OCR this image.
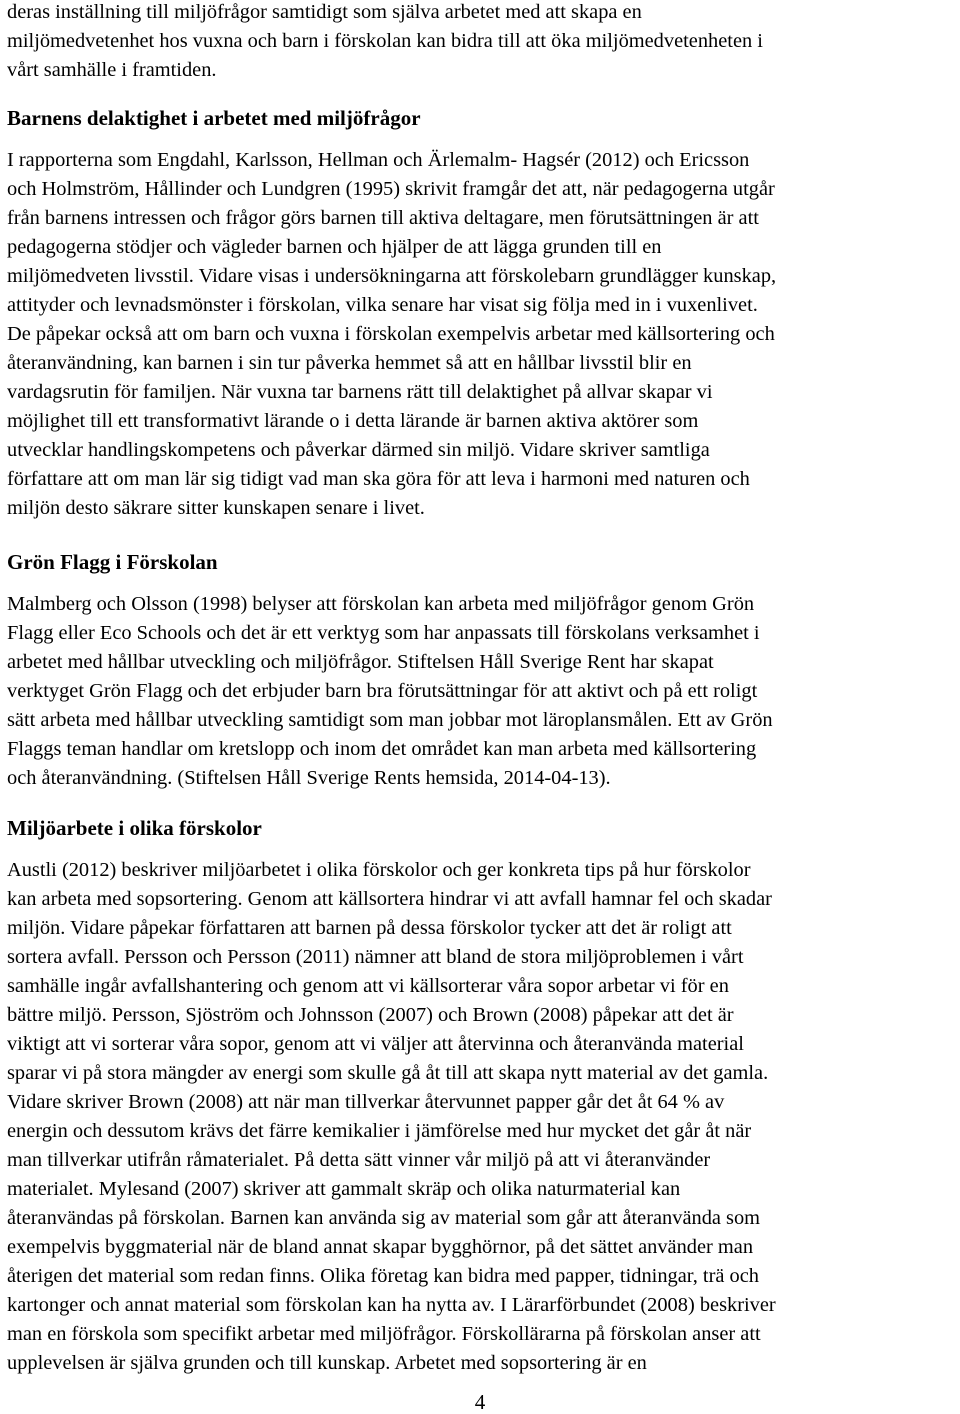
deras inställning till miljöfrågor samtidigt som själva arbetet med att skapa en
miljömedvetenhet hos vuxna och barn i förskolan kan bidra till att öka miljömedvetenheten i
vårt samhälle i framtiden.
Barnens delaktighet i arbetet med miljöfrågor
I rapporterna som Engdahl, Karlsson, Hellman och Ärlemalm- Hagsér (2012) och Ericsson
och Holmström, Hållinder och Lundgren (1995) skrivit framgår det att, när pedagogerna utgår
från barnens intressen och frågor görs barnen till aktiva deltagare, men förutsättningen är att
pedagogerna stödjer och vägleder barnen och hjälper de att lägga grunden till en
miljömedveten livsstil. Vidare visas i undersökningarna att förskolebarn grundlägger kunskap,
attityder och levnadsmönster i förskolan, vilka senare har visat sig följa med in i vuxenlivet.
De påpekar också att om barn och vuxna i förskolan exempelvis arbetar med källsortering och
återanvändning, kan barnen i sin tur påverka hemmet så att en hållbar livsstil blir en
vardagsrutin för familjen. När vuxna tar barnens rätt till delaktighet på allvar skapar vi
möjlighet till ett transformativt lärande o i detta lärande är barnen aktiva aktörer som
utvecklar handlingskompetens och påverkar därmed sin miljö. Vidare skriver samtliga
författare att om man lär sig tidigt vad man ska göra för att leva i harmoni med naturen och
miljön desto säkrare sitter kunskapen senare i livet.
Grön Flagg i Förskolan
Malmberg och Olsson (1998) belyser att förskolan kan arbeta med miljöfrågor genom Grön
Flagg eller Eco Schools och det är ett verktyg som har anpassats till förskolans verksamhet i
arbetet med hållbar utveckling och miljöfrågor. Stiftelsen Håll Sverige Rent har skapat
verktyget Grön Flagg och det erbjuder barn bra förutsättningar för att aktivt och på ett roligt
sätt arbeta med hållbar utveckling samtidigt som man jobbar mot läroplansmålen. Ett av Grön
Flaggs teman handlar om kretslopp och inom det området kan man arbeta med källsortering
och återanvändning. (Stiftelsen Håll Sverige Rents hemsida, 2014-04-13).
Miljöarbete i olika förskolor
Austli (2012) beskriver miljöarbetet i olika förskolor och ger konkreta tips på hur förskolor
kan arbeta med sopsortering. Genom att källsortera hindrar vi att avfall hamnar fel och skadar
miljön. Vidare påpekar författaren att barnen på dessa förskolor tycker att det är roligt att
sortera avfall. Persson och Persson (2011) nämner att bland de stora miljöproblemen i vårt
samhälle ingår avfallshantering och genom att vi källsorterar våra sopor arbetar vi för en
bättre miljö. Persson, Sjöström och Johnsson (2007) och Brown (2008) påpekar att det är
viktigt att vi sorterar våra sopor, genom att vi väljer att återvinna och återanvända material
sparar vi på stora mängder av energi som skulle gå åt till att skapa nytt material av det gamla.
Vidare skriver Brown (2008) att när man tillverkar återvunnet papper går det åt 64 % av
energin och dessutom krävs det färre kemikalier i jämförelse med hur mycket det går åt när
man tillverkar utifrån råmaterialet. På detta sätt vinner vår miljö på att vi återanvänder
materialet. Mylesand (2007) skriver att gammalt skräp och olika naturmaterial kan
återanvändas på förskolan. Barnen kan använda sig av material som går att återanvända som
exempelvis byggmaterial när de bland annat skapar bygghörnor, på det sättet använder man
återigen det material som redan finns. Olika företag kan bidra med papper, tidningar, trä och
kartonger och annat material som förskolan kan ha nytta av. I Lärarförbundet (2008) beskriver
man en förskola som specifikt arbetar med miljöfrågor. Förskollärarna på förskolan anser att
upplevelsen är själva grunden och till kunskap. Arbetet med sopsortering är en
4
